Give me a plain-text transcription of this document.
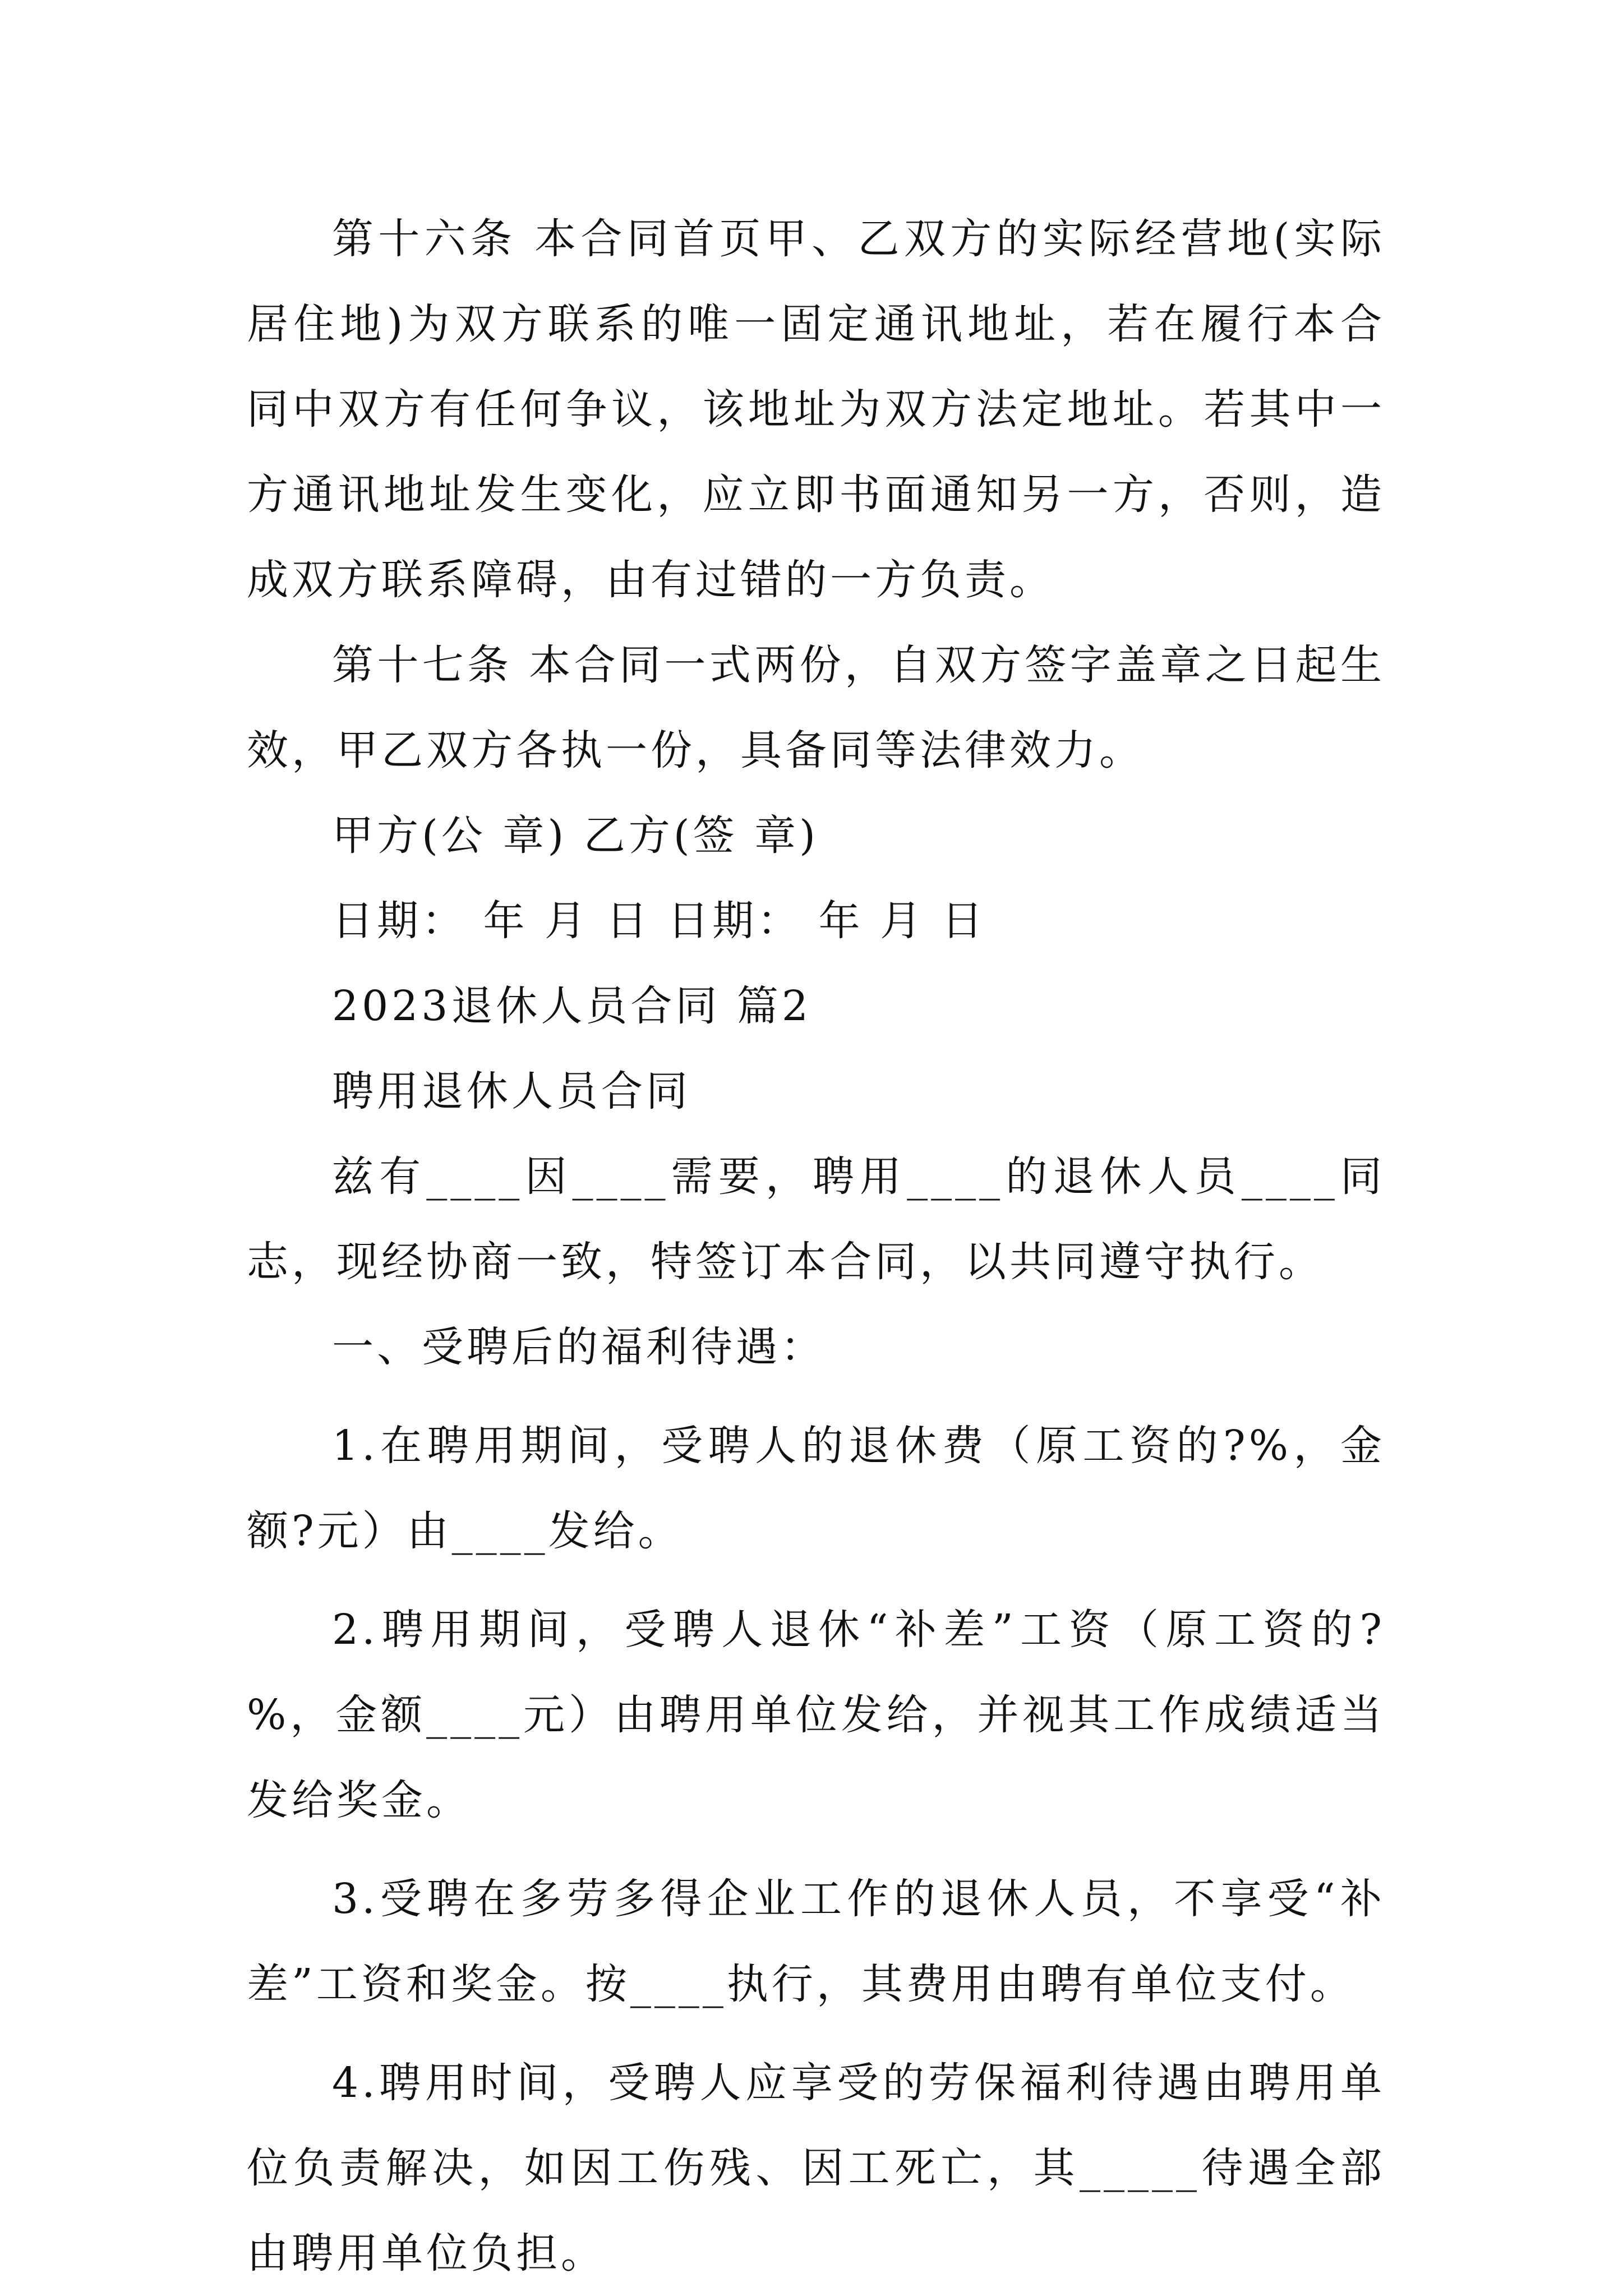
第十六条 本合同首页甲、乙双方的实际经营地(实际居住地)为双方联系的唯一固定通讯地址，若在履行本合同中双方有任何争议，该地址为双方法定地址。若其中一方通讯地址发生变化，应立即书面通知另一方，否则，造成双方联系障碍，由有过错的一方负责。

第十七条 本合同一式两份，自双方签字盖章之日起生效，甲乙双方各执一份，具备同等法律效力。

甲方(公 章) 乙方(签 章)

日期： 年 月 日 日期： 年 月 日

2023退休人员合同 篇2

聘用退休人员合同

兹有____因____需要，聘用____的退休人员____同志，现经协商一致，特签订本合同，以共同遵守执行。

一、受聘后的福利待遇：

1.在聘用期间，受聘人的退休费（原工资的?%，金额?元）由____发给。

2.聘用期间，受聘人退休“补差”工资（原工资的?%，金额____元）由聘用单位发给，并视其工作成绩适当发给奖金。

3.受聘在多劳多得企业工作的退休人员，不享受“补差”工资和奖金。按____执行，其费用由聘有单位支付。

4.聘用时间，受聘人应享受的劳保福利待遇由聘用单位负责解决，如因工伤残、因工死亡，其_____待遇全部由聘用单位负担。
